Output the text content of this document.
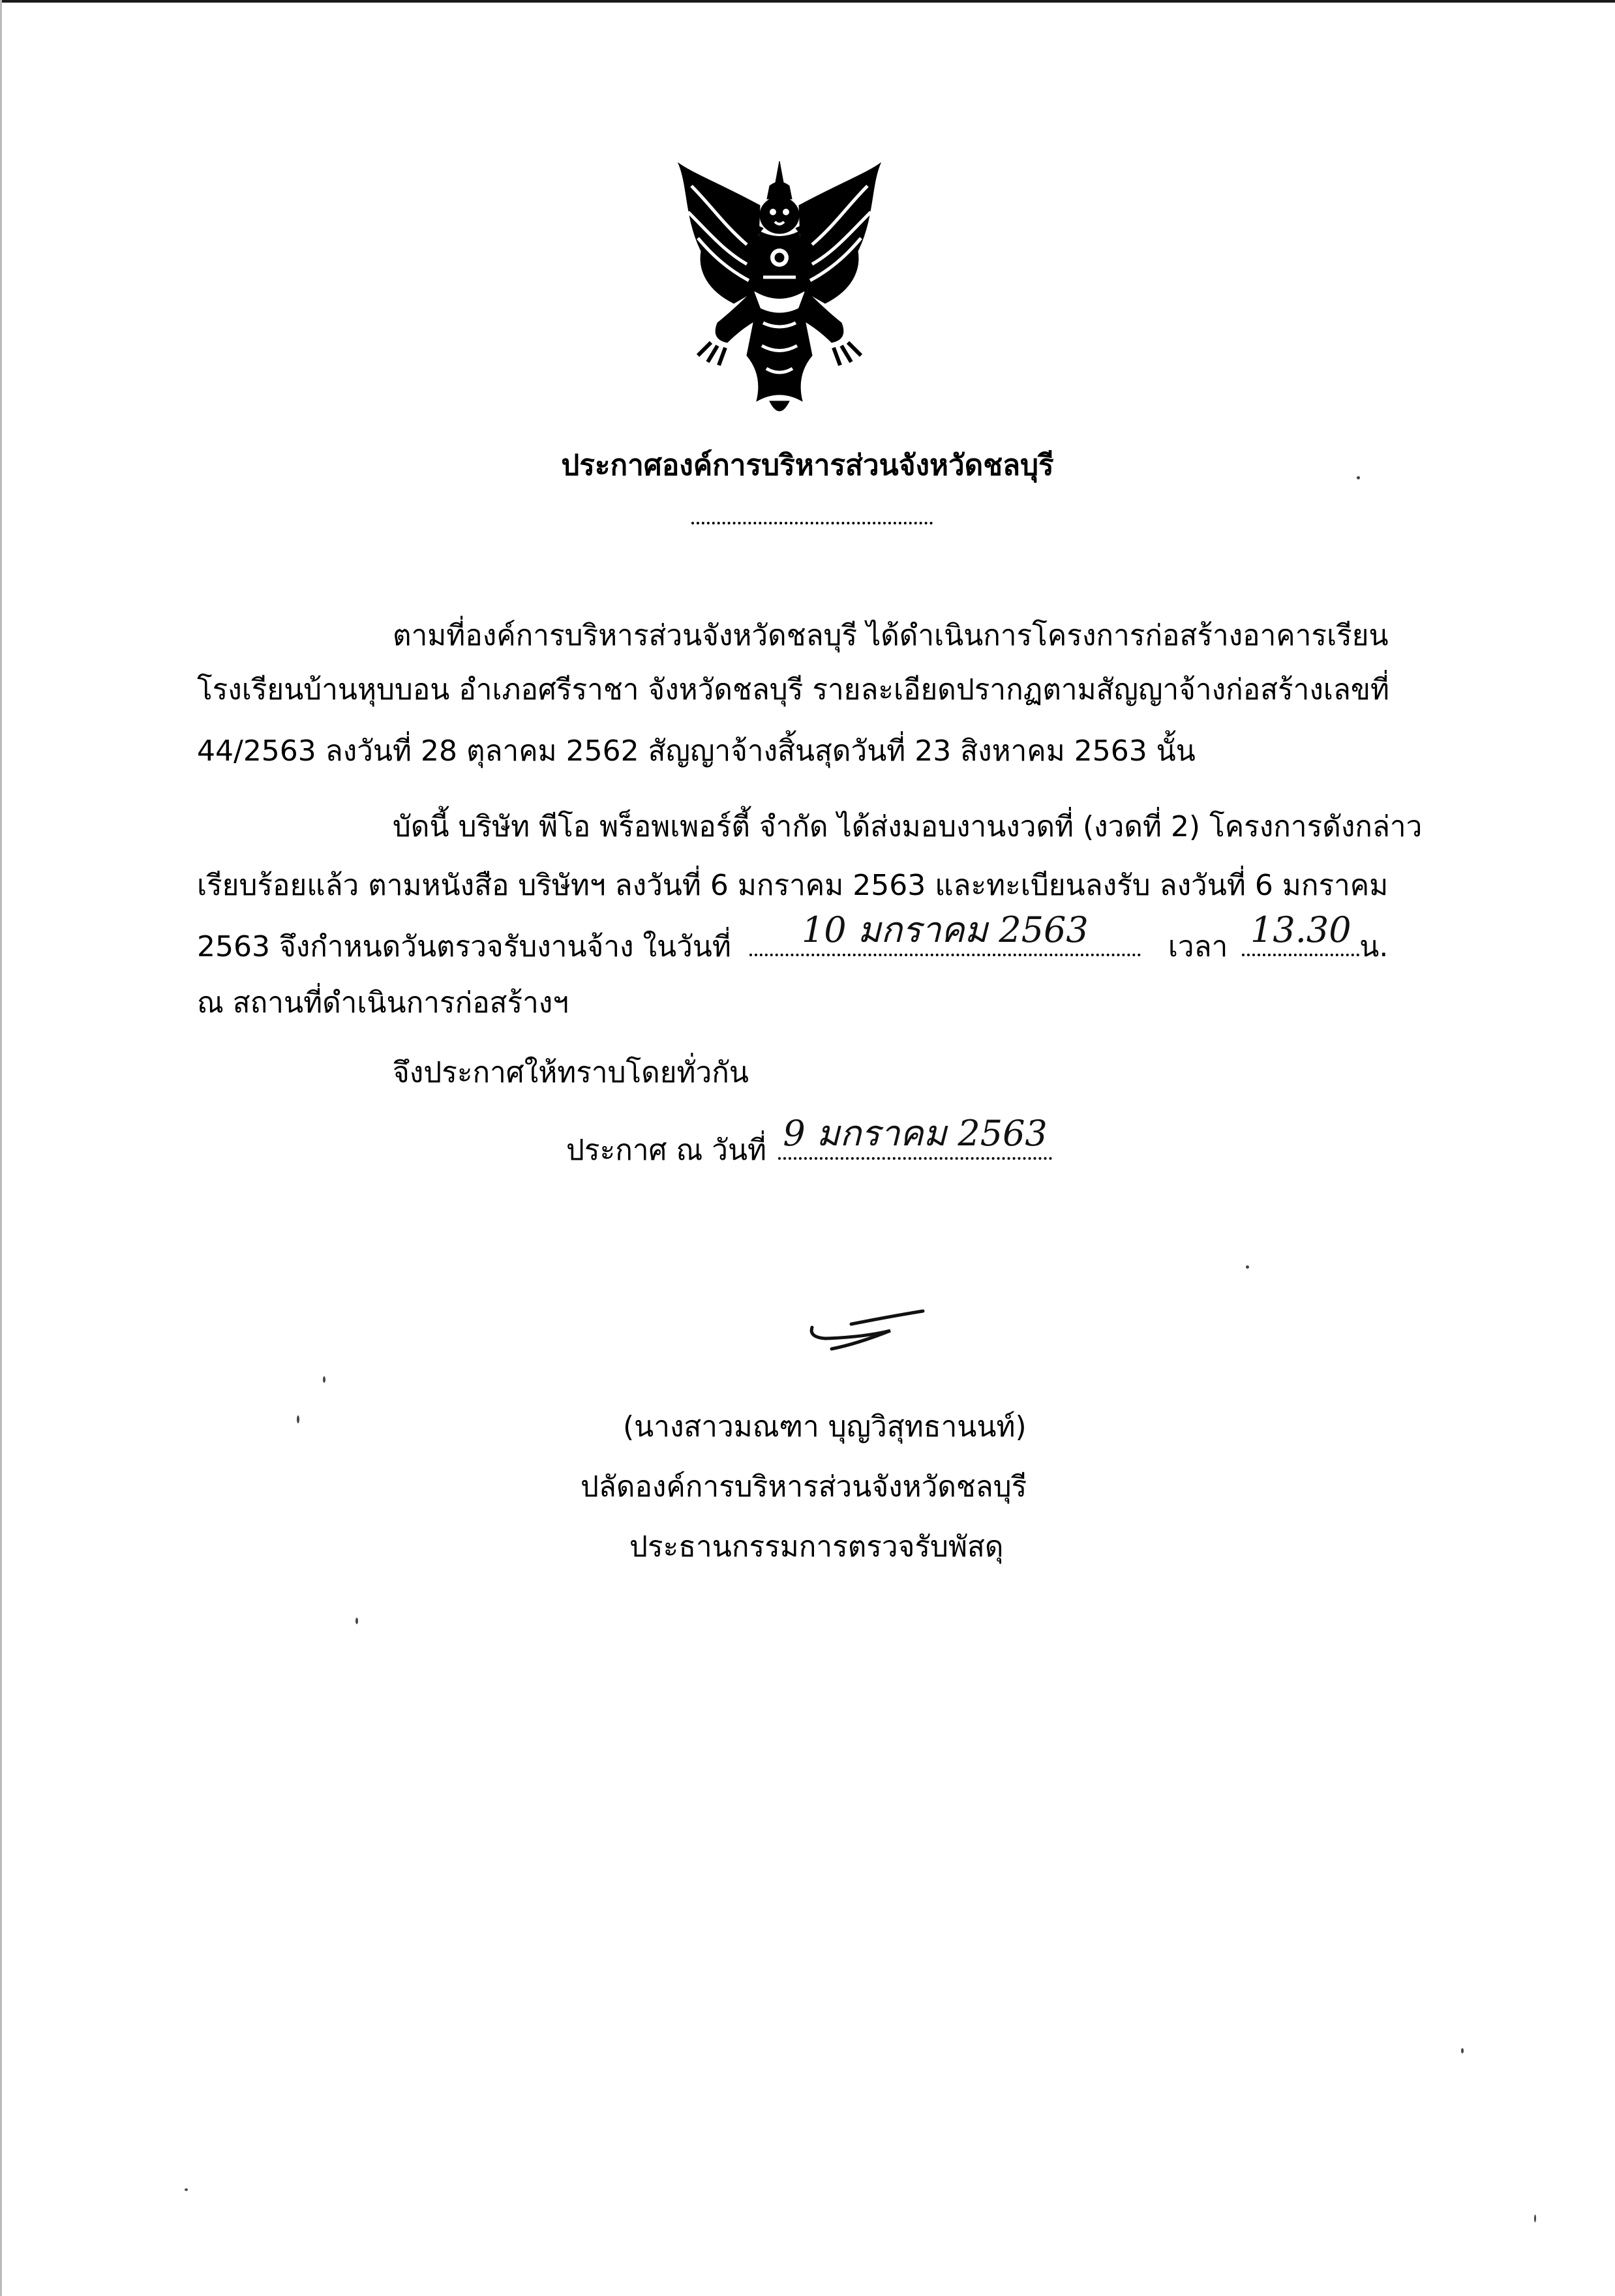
ประกาศองค์การบริหารส่วนจังหวัดชลบุรี
ตามที่องค์การบริหารส่วนจังหวัดชลบุรี ได้ดำเนินการโครงการก่อสร้างอาคารเรียน
โรงเรียนบ้านหุบบอน อำเภอศรีราชา จังหวัดชลบุรี รายละเอียดปรากฏตามสัญญาจ้างก่อสร้างเลขที่
44/2563 ลงวันที่ 28 ตุลาคม 2562 สัญญาจ้างสิ้นสุดวันที่ 23 สิงหาคม 2563 นั้น
บัดนี้ บริษัท พีโอ พร็อพเพอร์ตี้ จำกัด ได้ส่งมอบงานงวดที่ (งวดที่ 2) โครงการดังกล่าว
เรียบร้อยแล้ว ตามหนังสือ บริษัทฯ ลงวันที่ 6 มกราคม 2563 และทะเบียนลงรับ ลงวันที่ 6 มกราคม
2563 จึงกำหนดวันตรวจรับงานจ้าง ในวันที่	10 มกราคม 2563	เวลา 13.30 น.
ณ สถานที่ดำเนินการก่อสร้างฯ
จึงประกาศให้ทราบโดยทั่วกัน
ประกาศ ณ วันที่ 9 มกราคม 2563
(นางสาวมณฑา บุญวิสุทธานนท์)
ปลัดองค์การบริหารส่วนจังหวัดชลบุรี
ประธานกรรมการตรวจรับพัสดุ
